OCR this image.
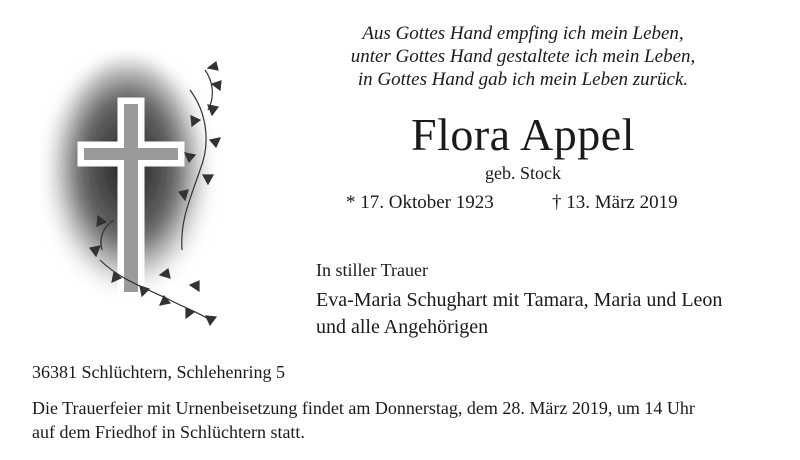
Aus Gottes Hand empfing ich mein Leben,
unter Gottes Hand gestaltete ich mein Leben,
in Gottes Hand gab ich mein Leben zurück.
Flora Appel
geb. Stock
* 17. Oktober 1923	† 13. März 2019
In stiller Trauer
Eva-Maria Schughart mit Tamara, Maria und Leon
und alle Angehörigen
36381 Schlüchtern, Schlehenring 5
Die Trauerfeier mit Urnenbeisetzung findet am Donnerstag, dem 28. März 2019, um 14 Uhr
auf dem Friedhof in Schlüchtern statt.
